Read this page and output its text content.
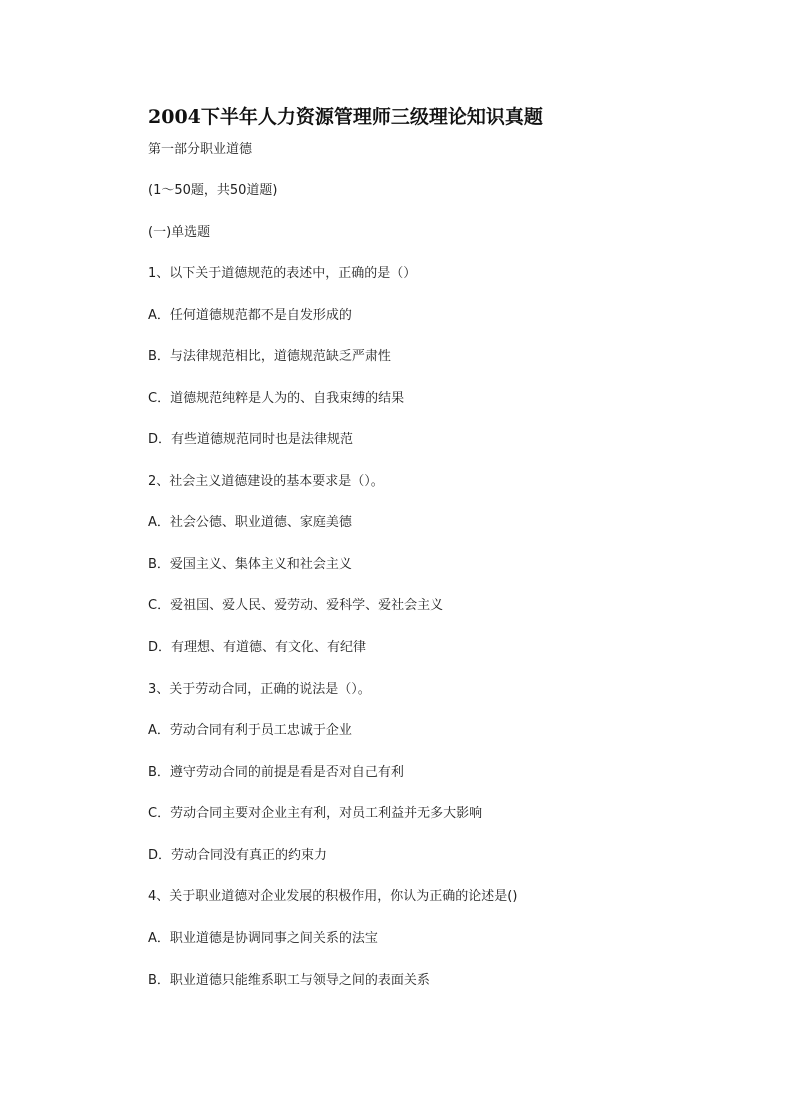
2004下半年人力资源管理师三级理论知识真题
第一部分职业道德
(1～50题，共50道题)
(一)单选题
1、以下关于道德规范的表述中，正确的是（）
A．任何道德规范都不是自发形成的
B．与法律规范相比，道德规范缺乏严肃性
C．道德规范纯粹是人为的、自我束缚的结果
D．有些道德规范同时也是法律规范
2、社会主义道德建设的基本要求是（）。
A．社会公德、职业道德、家庭美德
B．爱国主义、集体主义和社会主义
C．爱祖国、爱人民、爱劳动、爱科学、爱社会主义
D．有理想、有道德、有文化、有纪律
3、关于劳动合同，正确的说法是（）。
A．劳动合同有利于员工忠诚于企业
B．遵守劳动合同的前提是看是否对自己有利
C．劳动合同主要对企业主有利，对员工利益并无多大影响
D．劳动合同没有真正的约束力
4、关于职业道德对企业发展的积极作用，你认为正确的论述是()
A．职业道德是协调同事之间关系的法宝
B．职业道德只能维系职工与领导之间的表面关系
